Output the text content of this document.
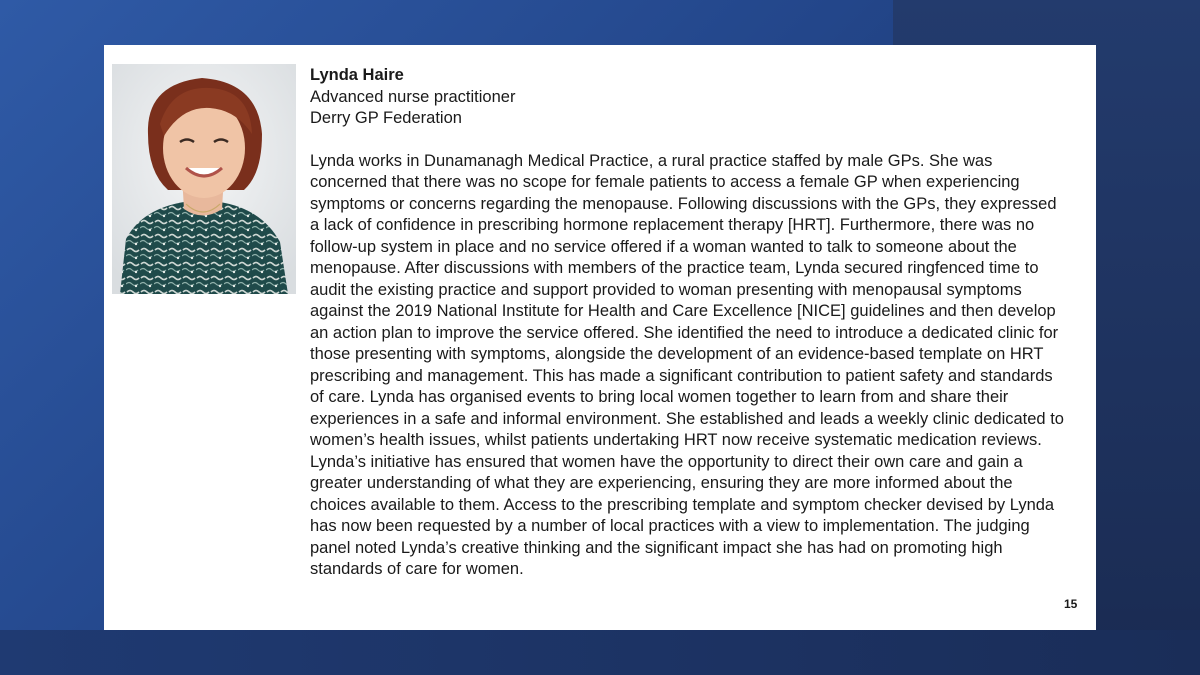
Lynda Haire
Advanced nurse practitioner
Derry GP Federation
Lynda works in Dunamanagh Medical Practice, a rural practice staffed by male GPs. She was concerned that there was no scope for female patients to access a female GP when experiencing symptoms or concerns regarding the menopause. Following discussions with the GPs, they expressed a lack of confidence in prescribing hormone replacement therapy [HRT]. Furthermore, there was no follow-up system in place and no service offered if a woman wanted to talk to someone about the menopause. After discussions with members of the practice team, Lynda secured ringfenced time to audit the existing practice and support provided to woman presenting with menopausal symptoms against the 2019 National Institute for Health and Care Excellence [NICE] guidelines and then develop an action plan to improve the service offered. She identified the need to introduce a dedicated clinic for those presenting with symptoms, alongside the development of an evidence-based template on HRT prescribing and management. This has made a significant contribution to patient safety and standards of care. Lynda has organised events to bring local women together to learn from and share their experiences in a safe and informal environment. She established and leads a weekly clinic dedicated to women’s health issues, whilst patients undertaking HRT now receive systematic medication reviews. Lynda’s initiative has ensured that women have the opportunity to direct their own care and gain a greater understanding of what they are experiencing, ensuring they are more informed about the choices available to them. Access to the prescribing template and symptom checker devised by Lynda has now been requested by a number of local practices with a view to implementation. The judging panel noted Lynda’s creative thinking and the significant impact she has had on promoting high standards of care for women.
15
